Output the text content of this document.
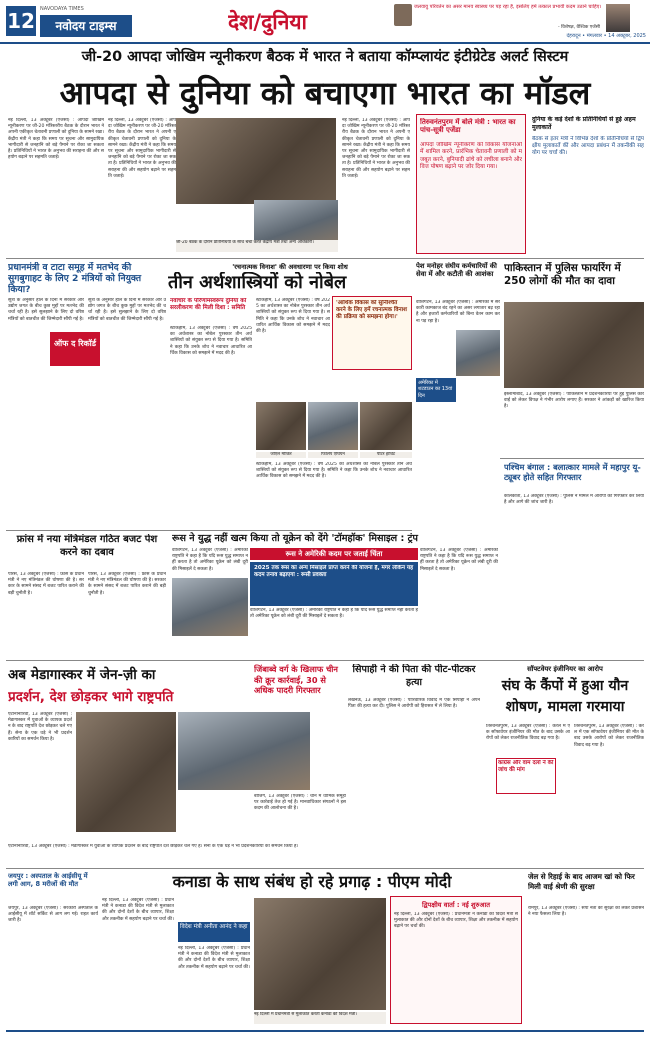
12 NAVODAYA TIMES
नवोदय टाइम्स	देश/दुनिया
जलवायु परिवर्तन का असर मानव स्वास्थ्य पर पड़ रहा है, इसलिए हमें तत्काल प्रभावी कदम उठाने चाहिए।
- विशेषज्ञ, वैश्विक एजेंसी
देहरादून • मंगलवार • 14 अक्टूबर, 2025
जी-20 आपदा जोखिम न्यूनीकरण बैठक में भारत ने बताया कॉम्प्लायंट इंटीग्रेटेड अलर्ट सिस्टम
आपदा से दुनिया को बचाएगा भारत का मॉडल
नई दिल्ली, 13 अक्टूबर (एजेंसी) : आपदा जोखिम न्यूनीकरण पर जी-20 मंत्रिस्तरीय बैठक के दौरान भारत ने अपनी एकीकृत चेतावनी प्रणाली को दुनिया के सामने रखा। केंद्रीय मंत्री ने कहा कि समय पर सूचना और सामुदायिक भागीदारी से जनहानि को बड़े पैमाने पर रोका जा सकता है। प्रतिनिधियों ने भारत के अनुभव की सराहना की और सहयोग बढ़ाने पर सहमति जताई।
नई दिल्ली, 13 अक्टूबर (एजेंसी) : आपदा जोखिम न्यूनीकरण पर जी-20 मंत्रिस्तरीय बैठक के दौरान भारत ने अपनी एकीकृत चेतावनी प्रणाली को दुनिया के सामने रखा। केंद्रीय मंत्री ने कहा कि समय पर सूचना और सामुदायिक भागीदारी से जनहानि को बड़े पैमाने पर रोका जा सकता है। प्रतिनिधियों ने भारत के अनुभव की सराहना की और सहयोग बढ़ाने पर सहमति जताई।
जी-20 बैठक के दौरान प्रतिनिधियों के साथ चर्चा करते केंद्रीय मंत्री तथा अन्य अधिकारी।
नई दिल्ली, 13 अक्टूबर (एजेंसी) : आपदा जोखिम न्यूनीकरण पर जी-20 मंत्रिस्तरीय बैठक के दौरान भारत ने अपनी एकीकृत चेतावनी प्रणाली को दुनिया के सामने रखा। केंद्रीय मंत्री ने कहा कि समय पर सूचना और सामुदायिक भागीदारी से जनहानि को बड़े पैमाने पर रोका जा सकता है। प्रतिनिधियों ने भारत के अनुभव की सराहना की और सहयोग बढ़ाने पर सहमति जताई।
तिरुवनंतपुरम में बोले मंत्री : भारत का पांच-सूत्री एजेंडा
आपदा जोखिम न्यूनीकरण को विकास योजनाओं में शामिल करने, प्रारंभिक चेतावनी प्रणाली को मजबूत करने, बुनियादी ढांचे को लचीला बनाने और वित्त पोषण बढ़ाने पर जोर दिया गया।
दुनिया के कई देशों के प्रतिनिधियों से हुई अहम मुलाकातें
बैठक से इतर मंत्री ने विभिन्न देशों के प्रतिनिधियों से द्विपक्षीय मुलाकातें कीं और आपदा प्रबंधन में तकनीकी सहयोग पर चर्चा की।
प्रधानमंत्री व टाटा समूह में मतभेद की सुगबुगाहट के लिए 2 मंत्रियों को नियुक्त किया?
सूत्रों के अनुसार हाल के दिनों में सरकार और उद्योग जगत के बीच कुछ मुद्दों पर मतभेद की चर्चा रही है। इसे सुलझाने के लिए दो वरिष्ठ मंत्रियों को बातचीत की जिम्मेदारी सौंपी गई है।
ऑफ द रिकॉर्ड
सूत्रों के अनुसार हाल के दिनों में सरकार और उद्योग जगत के बीच कुछ मुद्दों पर मतभेद की चर्चा रही है। इसे सुलझाने के लिए दो वरिष्ठ मंत्रियों को बातचीत की जिम्मेदारी सौंपी गई है।
'रचनात्मक विनाश' की अवधारणा पर किया शोध
तीन अर्थशास्त्रियों को नोबेल
नवाचार के परिणामस्वरूप दुनिया को सरलीकरण की मिली दिशा : समिति
स्टॉकहोम, 13 अक्टूबर (एजेंसी) : वर्ष 2025 का अर्थशास्त्र का नोबेल पुरस्कार तीन अर्थशास्त्रियों को संयुक्त रूप से दिया गया है। समिति ने कहा कि उनके शोध ने नवाचार आधारित आर्थिक विकास को समझने में मदद की है।
स्टॉकहोम, 13 अक्टूबर (एजेंसी) : वर्ष 2025 का अर्थशास्त्र का नोबेल पुरस्कार तीन अर्थशास्त्रियों को संयुक्त रूप से दिया गया है। समिति ने कहा कि उनके शोध ने नवाचार आधारित आर्थिक विकास को समझने में मदद की है।
'आर्थिक विकास को सुनिश्चित करने के लिए हमें रचनात्मक विनाश की प्रक्रिया को समझना होगा।'
जोएल मोकिर	फिलिप एघियन	पीटर हॉविट
स्टॉकहोम, 13 अक्टूबर (एजेंसी) : वर्ष 2025 का अर्थशास्त्र का नोबेल पुरस्कार तीन अर्थशास्त्रियों को संयुक्त रूप से दिया गया है। समिति ने कहा कि उनके शोध ने नवाचार आधारित आर्थिक विकास को समझने में मदद की है।
पेश मनोहर संघीय कर्मचारियों की सेवा में और कटौती की आशंका
वॉशिंगटन, 13 अक्टूबर (एजेंसी) : अमेरिका में सरकारी कामकाज बंद रहने का असर लगातार बढ़ रहा है और हजारों कर्मचारियों को बिना वेतन काम करना पड़ रहा है।
अमेरिका में शटडाउन का 13वां दिन
पाकिस्तान में पुलिस फायरिंग में 250 लोगों की मौत का दावा
इस्लामाबाद, 13 अक्टूबर (एजेंसी) : पाकिस्तान में प्रदर्शनकारियों पर हुई पुलिस कार्रवाई को लेकर विपक्ष ने गंभीर आरोप लगाए हैं। सरकार ने आंकड़ों को खारिज किया है।
फ्रांस में नया मंत्रिमंडल गठित बजट पेश करने का दबाव
पेरिस, 13 अक्टूबर (एजेंसी) : फ्रांस के प्रधानमंत्री ने नए मंत्रिमंडल की घोषणा की है। सरकार के सामने संसद में बजट पारित कराने की बड़ी चुनौती है।
पेरिस, 13 अक्टूबर (एजेंसी) : फ्रांस के प्रधानमंत्री ने नए मंत्रिमंडल की घोषणा की है। सरकार के सामने संसद में बजट पारित कराने की बड़ी चुनौती है।
रूस ने युद्ध नहीं खत्म किया तो यूक्रेन को देंगे 'टॉमहॉक' मिसाइल : ट्रंप
रूस ने अमेरिकी कदम पर जताई चिंता
वॉशिंगटन, 13 अक्टूबर (एजेंसी) : अमेरिकी राष्ट्रपति ने कहा है कि यदि रूस युद्ध समाप्त नहीं करता है तो अमेरिका यूक्रेन को लंबी दूरी की मिसाइलें दे सकता है।	2025 तक रूस का अन्य मिसाइलें प्राप्त करने की योजना है, मगर लेकिन यह कदम तनाव बढ़ाएगा : रूसी प्रवक्ता
वॉशिंगटन, 13 अक्टूबर (एजेंसी) : अमेरिकी राष्ट्रपति ने कहा है कि यदि रूस युद्ध समाप्त नहीं करता है तो अमेरिका यूक्रेन को लंबी दूरी की मिसाइलें दे सकता है।
वॉशिंगटन, 13 अक्टूबर (एजेंसी) : अमेरिकी राष्ट्रपति ने कहा है कि यदि रूस युद्ध समाप्त नहीं करता है तो अमेरिका यूक्रेन को लंबी दूरी की मिसाइलें दे सकता है।
पश्चिम बंगाल : बलात्कार मामले में महापुर यू-ट्यूबर होते सहित गिरफ्तार
कोलकाता, 13 अक्टूबर (एजेंसी) : पुलिस ने मामले में आरोपी को गिरफ्तार कर लिया है और आगे की जांच जारी है।
अब मेडागास्कर में जेन-ज़ी का
प्रदर्शन, देश छोड़कर भागे राष्ट्रपति
एंटानानारिवो, 13 अक्टूबर (एजेंसी) : मेडागास्कर में युवाओं के व्यापक प्रदर्शन के बाद राष्ट्रपति देश छोड़कर चले गए हैं। सेना के एक धड़े ने भी प्रदर्शनकारियों का समर्थन किया है।
एंटानानारिवो, 13 अक्टूबर (एजेंसी) : मेडागास्कर में युवाओं के व्यापक प्रदर्शन के बाद राष्ट्रपति देश छोड़कर चले गए हैं। सेना के एक धड़े ने भी प्रदर्शनकारियों का समर्थन किया है।
जिंबाब्वे वर्ग के खिलाफ चीन की क्रूर कार्रवाई, 30 से अधिक पादरी गिरफ्तार
बीजिंग, 13 अक्टूबर (एजेंसी) : चीन में धार्मिक समूहों पर कार्रवाई तेज हो गई है। मानवाधिकार संगठनों ने इस कदम की आलोचना की है।
सिपाही ने की पिता की पीट-पीटकर हत्या
लखनऊ, 13 अक्टूबर (एजेंसी) : पारिवारिक विवाद में एक सिपाही ने अपने पिता की हत्या कर दी। पुलिस ने आरोपी को हिरासत में ले लिया है।
सॉफ्टवेयर इंजीनियर का आरोप
संघ के कैंपों में हुआ यौन शोषण, मामला गरमाया
तिरुवनंतपुरम, 13 अक्टूबर (एजेंसी) : केरल में एक सॉफ्टवेयर इंजीनियर की मौत के बाद उसके आरोपों को लेकर राजनीतिक विवाद बढ़ गया है।
कांग्रेस और वाम दलों ने की जांच की मांग
तिरुवनंतपुरम, 13 अक्टूबर (एजेंसी) : केरल में एक सॉफ्टवेयर इंजीनियर की मौत के बाद उसके आरोपों को लेकर राजनीतिक विवाद बढ़ गया है।
जयपुर : अस्पताल के आईसीयू में लगी आग, 8 मरीजों की मौत
जयपुर, 13 अक्टूबर (एजेंसी) : सरकारी अस्पताल के आईसीयू में शॉर्ट सर्किट से आग लग गई। राहत कार्य जारी है।
कनाडा के साथ संबंध हो रहे प्रगाढ़ : पीएम मोदी
नई दिल्ली, 13 अक्टूबर (एजेंसी) : प्रधानमंत्री ने कनाडा की विदेश मंत्री से मुलाकात की और दोनों देशों के बीच व्यापार, शिक्षा और तकनीक में सहयोग बढ़ाने पर चर्चा की।
विदेश मंत्री अनीता आनंद ने कहा
नई दिल्ली, 13 अक्टूबर (एजेंसी) : प्रधानमंत्री ने कनाडा की विदेश मंत्री से मुलाकात की और दोनों देशों के बीच व्यापार, शिक्षा और तकनीक में सहयोग बढ़ाने पर चर्चा की।
नई दिल्ली में प्रधानमंत्री से मुलाकात करतीं कनाडा की विदेश मंत्री।
द्विपक्षीय वार्ता : नई शुरुआत
नई दिल्ली, 13 अक्टूबर (एजेंसी) : प्रधानमंत्री ने कनाडा की विदेश मंत्री से मुलाकात की और दोनों देशों के बीच व्यापार, शिक्षा और तकनीक में सहयोग बढ़ाने पर चर्चा की।
जेल से रिहाई के बाद आजम खां को फिर मिली वाई श्रेणी की सुरक्षा
रामपुर, 13 अक्टूबर (एजेंसी) : सपा नेता की सुरक्षा को लेकर प्रशासन ने नया फैसला लिया है।
